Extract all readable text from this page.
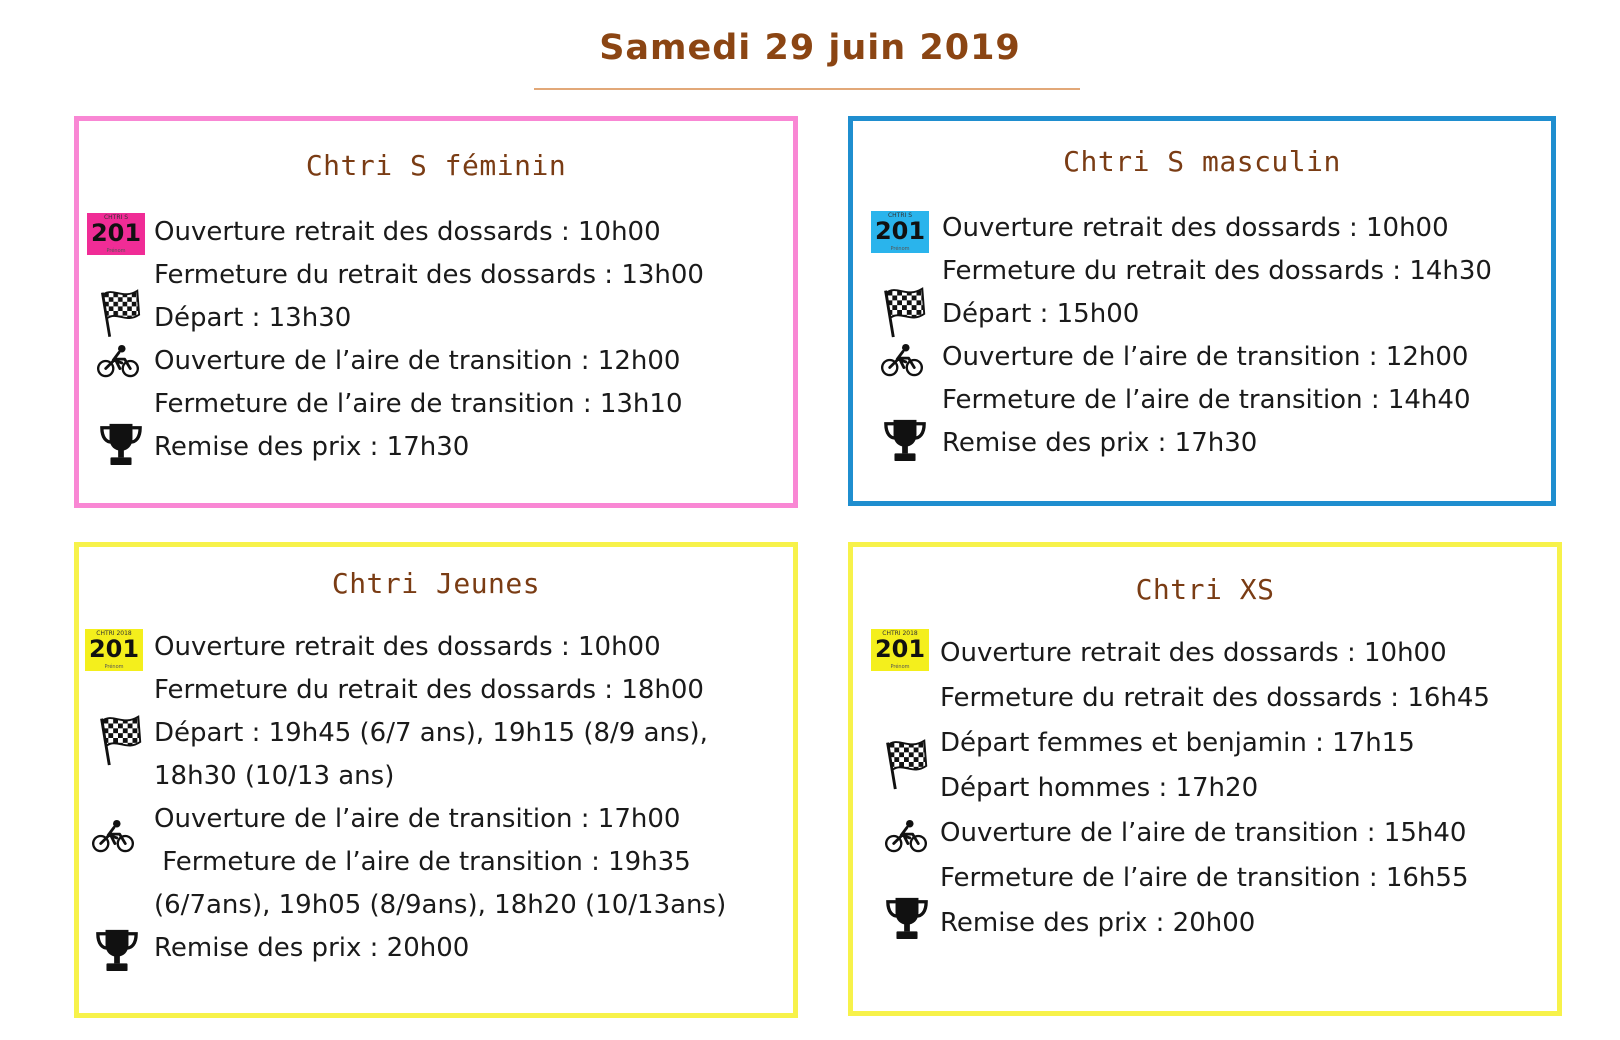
Samedi 29 juin 2019
Chtri S féminin
CHTRI S
201
Prénom
Ouverture retrait des dossards : 10h00
Fermeture du retrait des dossards : 13h00
Départ : 13h30
Ouverture de l’aire de transition : 12h00
Fermeture de l’aire de transition : 13h10
Remise des prix : 17h30
Chtri S masculin
CHTRI S
201
Prénom
Ouverture retrait des dossards : 10h00
Fermeture du retrait des dossards : 14h30
Départ : 15h00
Ouverture de l’aire de transition : 12h00
Fermeture de l’aire de transition : 14h40
Remise des prix : 17h30
Chtri Jeunes
CHTRI 2018
201
Prénom
Ouverture retrait des dossards : 10h00
Fermeture du retrait des dossards : 18h00
Départ : 19h45 (6/7 ans), 19h15 (8/9 ans),
18h30 (10/13 ans)
Ouverture de l’aire de transition : 17h00
Fermeture de l’aire de transition : 19h35
(6/7ans), 19h05 (8/9ans), 18h20 (10/13ans)
Remise des prix : 20h00
Chtri XS
CHTRI 2018
201
Prénom	Ouverture retrait des dossards : 10h00
Fermeture du retrait des dossards : 16h45
Départ femmes et benjamin : 17h15
Départ hommes : 17h20
Ouverture de l’aire de transition : 15h40
Fermeture de l’aire de transition : 16h55
Remise des prix : 20h00
